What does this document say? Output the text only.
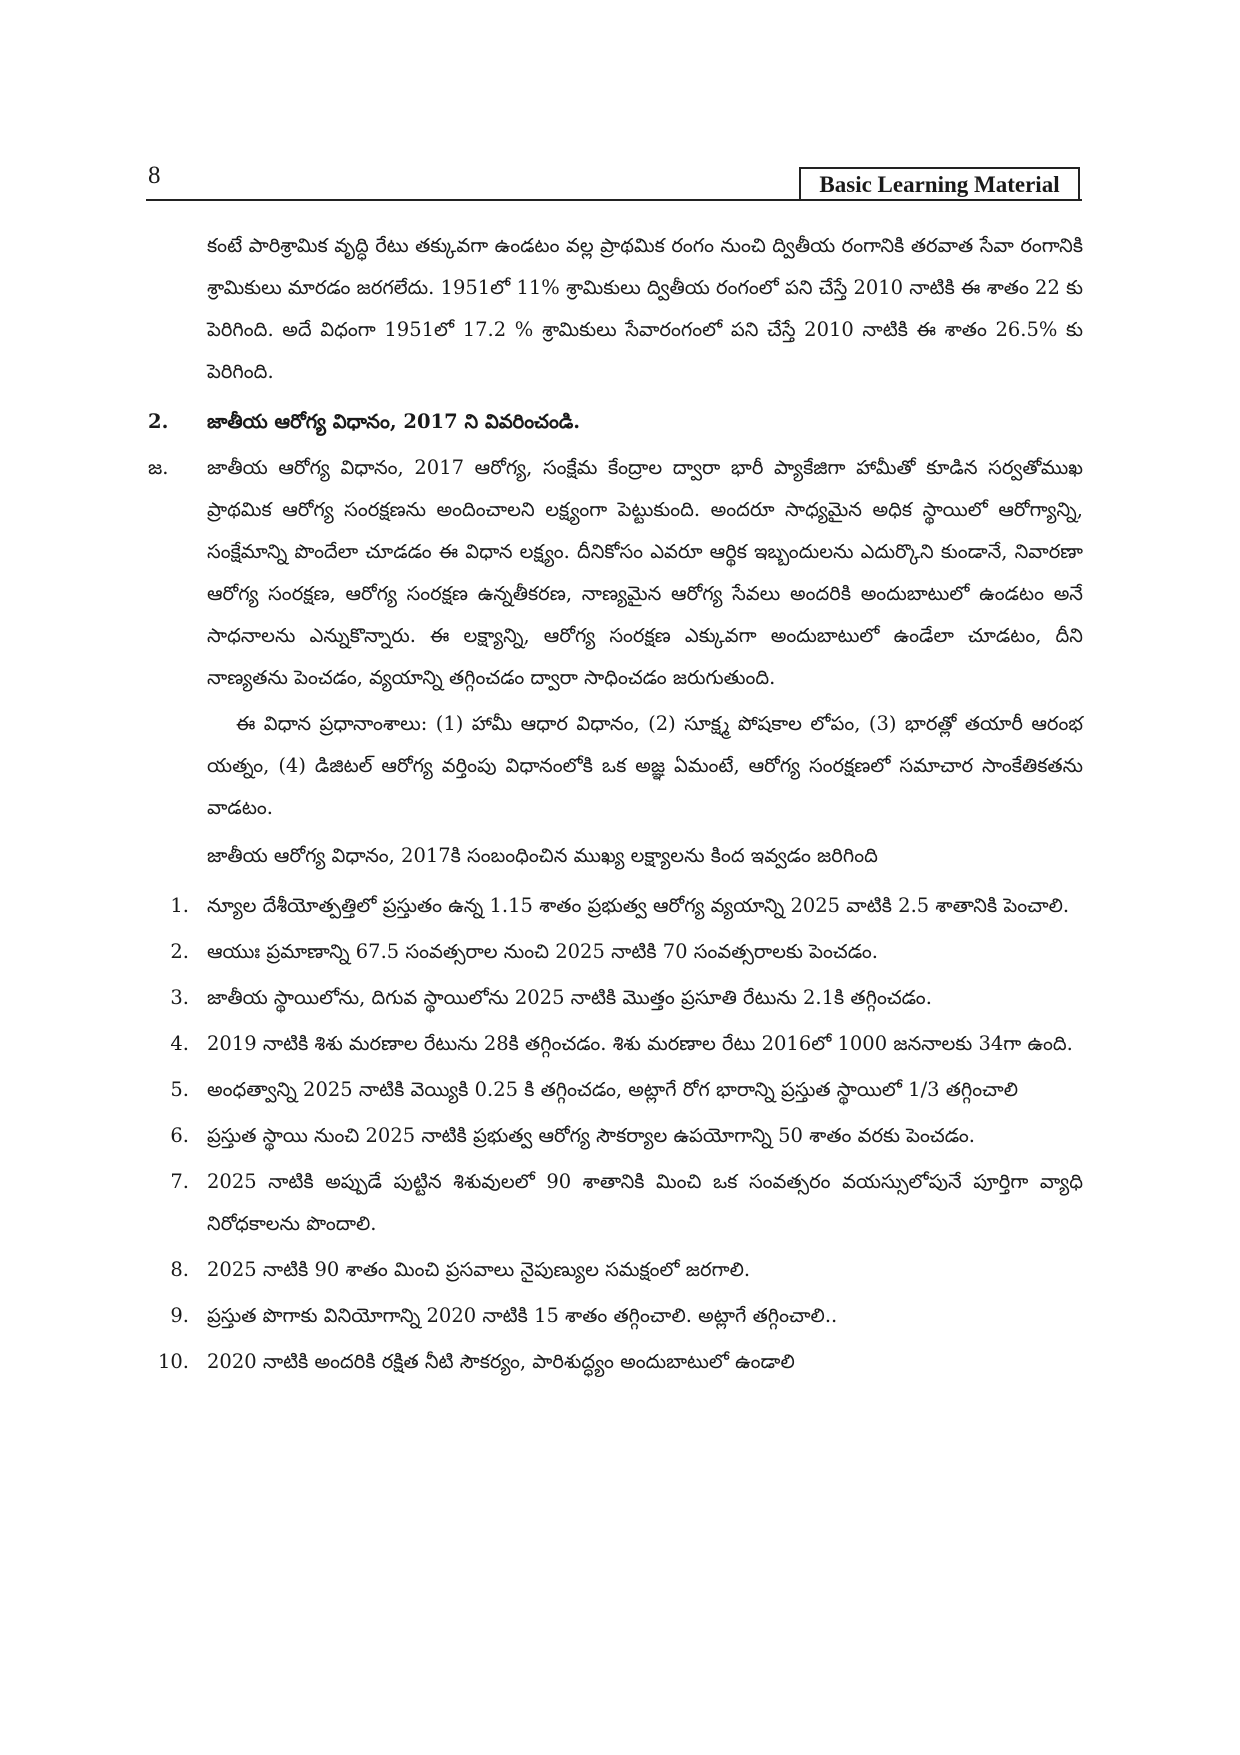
8	Basic Learning Material

కంటే పారిశ్రామిక వృద్ధి రేటు తక్కువగా ఉండటం వల్ల ప్రాథమిక రంగం నుంచి ద్వితీయ రంగానికి తరవాత సేవా రంగానికి శ్రామికులు మారడం జరగలేదు. 1951లో 11% శ్రామికులు ద్వితీయ రంగంలో పని చేస్తే 2010 నాటికి ఈ శాతం 22 కు పెరిగింది. అదే విధంగా 1951లో 17.2 % శ్రామికులు సేవారంగంలో పని చేస్తే 2010 నాటికి ఈ శాతం 26.5% కు పెరిగింది.

2.	జాతీయ ఆరోగ్య విధానం, 2017 ని వివరించండి.
జ.	జాతీయ ఆరోగ్య విధానం, 2017 ఆరోగ్య, సంక్షేమ కేంద్రాల ద్వారా భారీ ప్యాకేజిగా హామీతో కూడిన సర్వతోముఖ ప్రాథమిక ఆరోగ్య సంరక్షణను అందించాలని లక్ష్యంగా పెట్టుకుంది. అందరూ సాధ్యమైన అధిక స్థాయిలో ఆరోగ్యాన్ని, సంక్షేమాన్ని పొందేలా చూడడం ఈ విధాన లక్ష్యం. దీనికోసం ఎవరూ ఆర్థిక ఇబ్బందులను ఎదుర్కొని కుండానే, నివారణా ఆరోగ్య సంరక్షణ, ఆరోగ్య సంరక్షణ ఉన్నతీకరణ, నాణ్యమైన ఆరోగ్య సేవలు అందరికి అందుబాటులో ఉండటం అనే సాధనాలను ఎన్నుకొన్నారు. ఈ లక్ష్యాన్ని, ఆరోగ్య సంరక్షణ ఎక్కువగా అందుబాటులో ఉండేలా చూడటం, దీని నాణ్యతను పెంచడం, వ్యయాన్ని తగ్గించడం ద్వారా సాధించడం జరుగుతుంది.

ఈ విధాన ప్రధానాంశాలు: (1) హామీ ఆధార విధానం, (2) సూక్ష్మ పోషకాల లోపం, (3) భారత్లో తయారీ ఆరంభ యత్నం, (4) డిజిటల్ ఆరోగ్య వర్తింపు విధానంలోకి ఒక అజ్ఞ ఏమంటే, ఆరోగ్య సంరక్షణలో సమాచార సాంకేతికతను వాడటం.

జాతీయ ఆరోగ్య విధానం, 2017కి సంబంధించిన ముఖ్య లక్ష్యాలను కింద ఇవ్వడం జరిగింది

1. న్యూల దేశీయోత్పత్తిలో ప్రస్తుతం ఉన్న 1.15 శాతం ప్రభుత్వ ఆరోగ్య వ్యయాన్ని 2025 వాటికి 2.5 శాతానికి పెంచాలి.
2. ఆయుః ప్రమాణాన్ని 67.5 సంవత్సరాల నుంచి 2025 నాటికి 70 సంవత్సరాలకు పెంచడం.
3. జాతీయ స్థాయిలోను, దిగువ స్థాయిలోను 2025 నాటికి మొత్తం ప్రసూతి రేటును 2.1కి తగ్గించడం.
4. 2019 నాటికి శిశు మరణాల రేటును 28కి తగ్గించడం. శిశు మరణాల రేటు 2016లో 1000 జననాలకు 34గా ఉంది.
5. అంధత్వాన్ని 2025 నాటికి వెయ్యికి 0.25 కి తగ్గించడం, అట్లాగే రోగ భారాన్ని ప్రస్తుత స్థాయిలో 1/3 తగ్గించాలి
6. ప్రస్తుత స్థాయి నుంచి 2025 నాటికి ప్రభుత్వ ఆరోగ్య సౌకర్యాల ఉపయోగాన్ని 50 శాతం వరకు పెంచడం.
7. 2025 నాటికి అప్పుడే పుట్టిన శిశువులలో 90 శాతానికి మించి ఒక సంవత్సరం వయస్సులోపునే పూర్తిగా వ్యాధి నిరోధకాలను పొందాలి.
8. 2025 నాటికి 90 శాతం మించి ప్రసవాలు నైపుణ్యుల సమక్షంలో జరగాలి.
9. ప్రస్తుత పొగాకు వినియోగాన్ని 2020 నాటికి 15 శాతం తగ్గించాలి. అట్లాగే తగ్గించాలి..
10. 2020 నాటికి అందరికి రక్షిత నీటి సౌకర్యం, పారిశుద్ధ్యం అందుబాటులో ఉండాలి
